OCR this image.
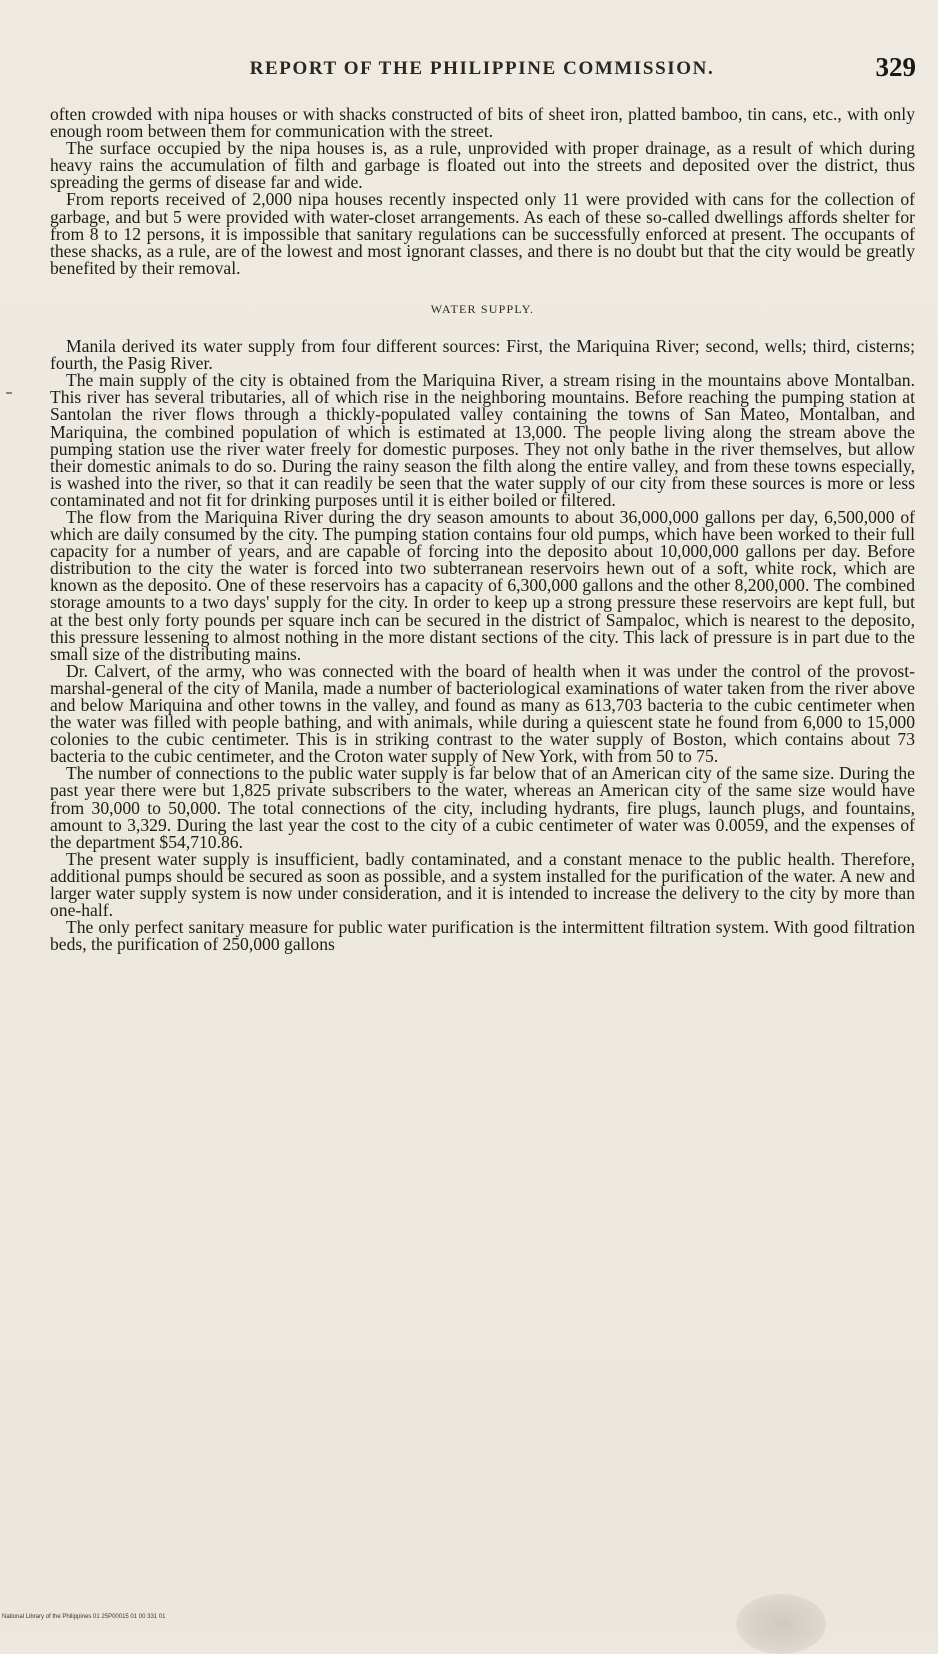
REPORT OF THE PHILIPPINE COMMISSION.	329

often crowded with nipa houses or with shacks constructed of bits of sheet iron, platted bamboo, tin cans, etc., with only enough room between them for communication with the street.

The surface occupied by the nipa houses is, as a rule, unprovided with proper drainage, as a result of which during heavy rains the accumulation of filth and garbage is floated out into the streets and deposited over the district, thus spreading the germs of disease far and wide.

From reports received of 2,000 nipa houses recently inspected only 11 were provided with cans for the collection of garbage, and but 5 were provided with water-closet arrangements. As each of these so-called dwellings affords shelter for from 8 to 12 persons, it is impossible that sanitary regulations can be successfully enforced at present. The occupants of these shacks, as a rule, are of the lowest and most ignorant classes, and there is no doubt but that the city would be greatly benefited by their removal.

WATER SUPPLY.

Manila derived its water supply from four different sources: First, the Mariquina River; second, wells; third, cisterns; fourth, the Pasig River.

The main supply of the city is obtained from the Mariquina River, a stream rising in the mountains above Montalban. This river has several tributaries, all of which rise in the neighboring mountains. Before reaching the pumping station at Santolan the river flows through a thickly-populated valley containing the towns of San Mateo, Montalban, and Mariquina, the combined population of which is estimated at 13,000. The people living along the stream above the pumping station use the river water freely for domestic purposes. They not only bathe in the river themselves, but allow their domestic animals to do so. During the rainy season the filth along the entire valley, and from these towns especially, is washed into the river, so that it can readily be seen that the water supply of our city from these sources is more or less contaminated and not fit for drinking purposes until it is either boiled or filtered.

The flow from the Mariquina River during the dry season amounts to about 36,000,000 gallons per day, 6,500,000 of which are daily consumed by the city. The pumping station contains four old pumps, which have been worked to their full capacity for a number of years, and are capable of forcing into the deposito about 10,000,000 gallons per day. Before distribution to the city the water is forced into two subterranean reservoirs hewn out of a soft, white rock, which are known as the deposito. One of these reservoirs has a capacity of 6,300,000 gallons and the other 8,200,000. The combined storage amounts to a two days' supply for the city. In order to keep up a strong pressure these reservoirs are kept full, but at the best only forty pounds per square inch can be secured in the district of Sampaloc, which is nearest to the deposito, this pressure lessening to almost nothing in the more distant sections of the city. This lack of pressure is in part due to the small size of the distributing mains.

Dr. Calvert, of the army, who was connected with the board of health when it was under the control of the provost-marshal-general of the city of Manila, made a number of bacteriological examinations of water taken from the river above and below Mariquina and other towns in the valley, and found as many as 613,703 bacteria to the cubic centimeter when the water was filled with people bathing, and with animals, while during a quiescent state he found from 6,000 to 15,000 colonies to the cubic centimeter. This is in striking contrast to the water supply of Boston, which contains about 73 bacteria to the cubic centimeter, and the Croton water supply of New York, with from 50 to 75.

The number of connections to the public water supply is far below that of an American city of the same size. During the past year there were but 1,825 private subscribers to the water, whereas an American city of the same size would have from 30,000 to 50,000. The total connections of the city, including hydrants, fire plugs, launch plugs, and fountains, amount to 3,329. During the last year the cost to the city of a cubic centimeter of water was 0.0059, and the expenses of the department $54,710.86.

The present water supply is insufficient, badly contaminated, and a constant menace to the public health. Therefore, additional pumps should be secured as soon as possible, and a system installed for the purification of the water. A new and larger water supply system is now under consideration, and it is intended to increase the delivery to the city by more than one-half.

The only perfect sanitary measure for public water purification is the intermittent filtration system. With good filtration beds, the purification of 250,000 gallons

National Library of the Philippines 01 25P00015 01 00 331 01
